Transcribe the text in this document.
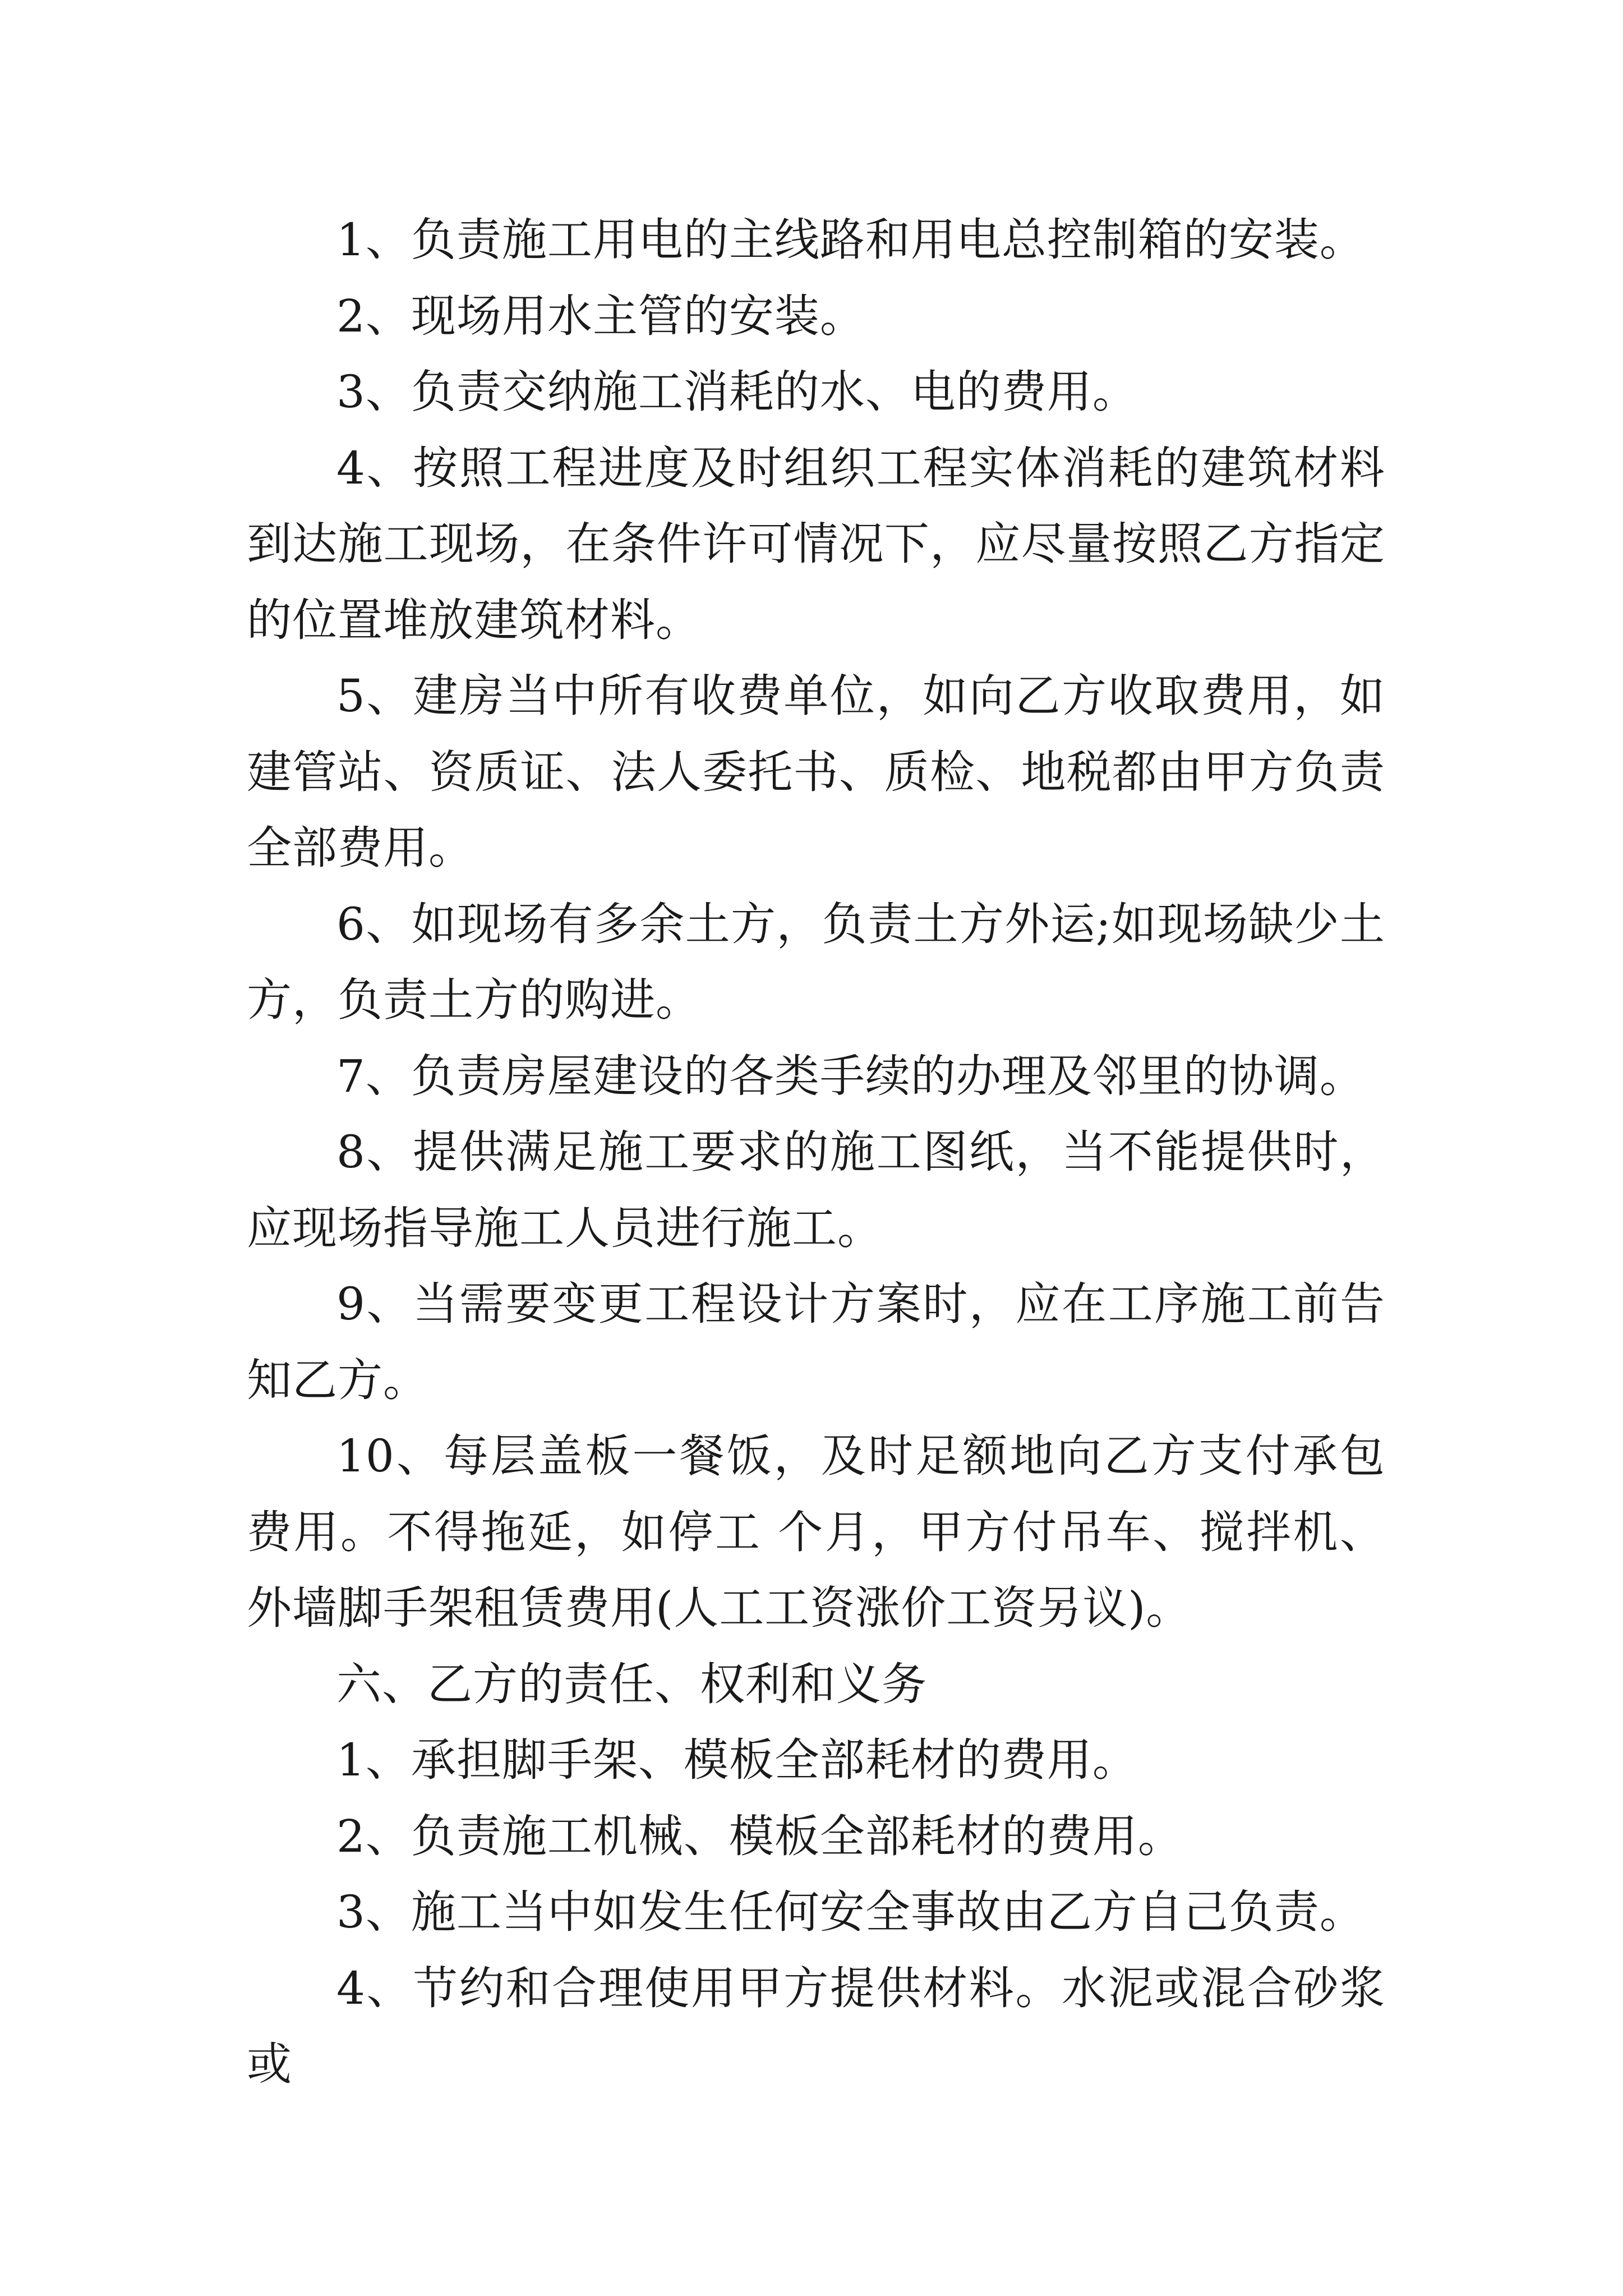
1、负责施工用电的主线路和用电总控制箱的安装。

2、现场用水主管的安装。

3、负责交纳施工消耗的水、电的费用。

4、按照工程进度及时组织工程实体消耗的建筑材料到达施工现场，在条件许可情况下，应尽量按照乙方指定的位置堆放建筑材料。

5、建房当中所有收费单位，如向乙方收取费用，如建管站、资质证、法人委托书、质检、地税都由甲方负责全部费用。

6、如现场有多余土方，负责土方外运;如现场缺少土方，负责土方的购进。

7、负责房屋建设的各类手续的办理及邻里的协调。

8、提供满足施工要求的施工图纸，当不能提供时，应现场指导施工人员进行施工。

9、当需要变更工程设计方案时，应在工序施工前告知乙方。

10、每层盖板一餐饭，及时足额地向乙方支付承包费用。不得拖延，如停工 个月，甲方付吊车、搅拌机、外墙脚手架租赁费用(人工工资涨价工资另议)。

六、乙方的责任、权利和义务

1、承担脚手架、模板全部耗材的费用。

2、负责施工机械、模板全部耗材的费用。

3、施工当中如发生任何安全事故由乙方自己负责。

4、节约和合理使用甲方提供材料。水泥或混合砂浆或
